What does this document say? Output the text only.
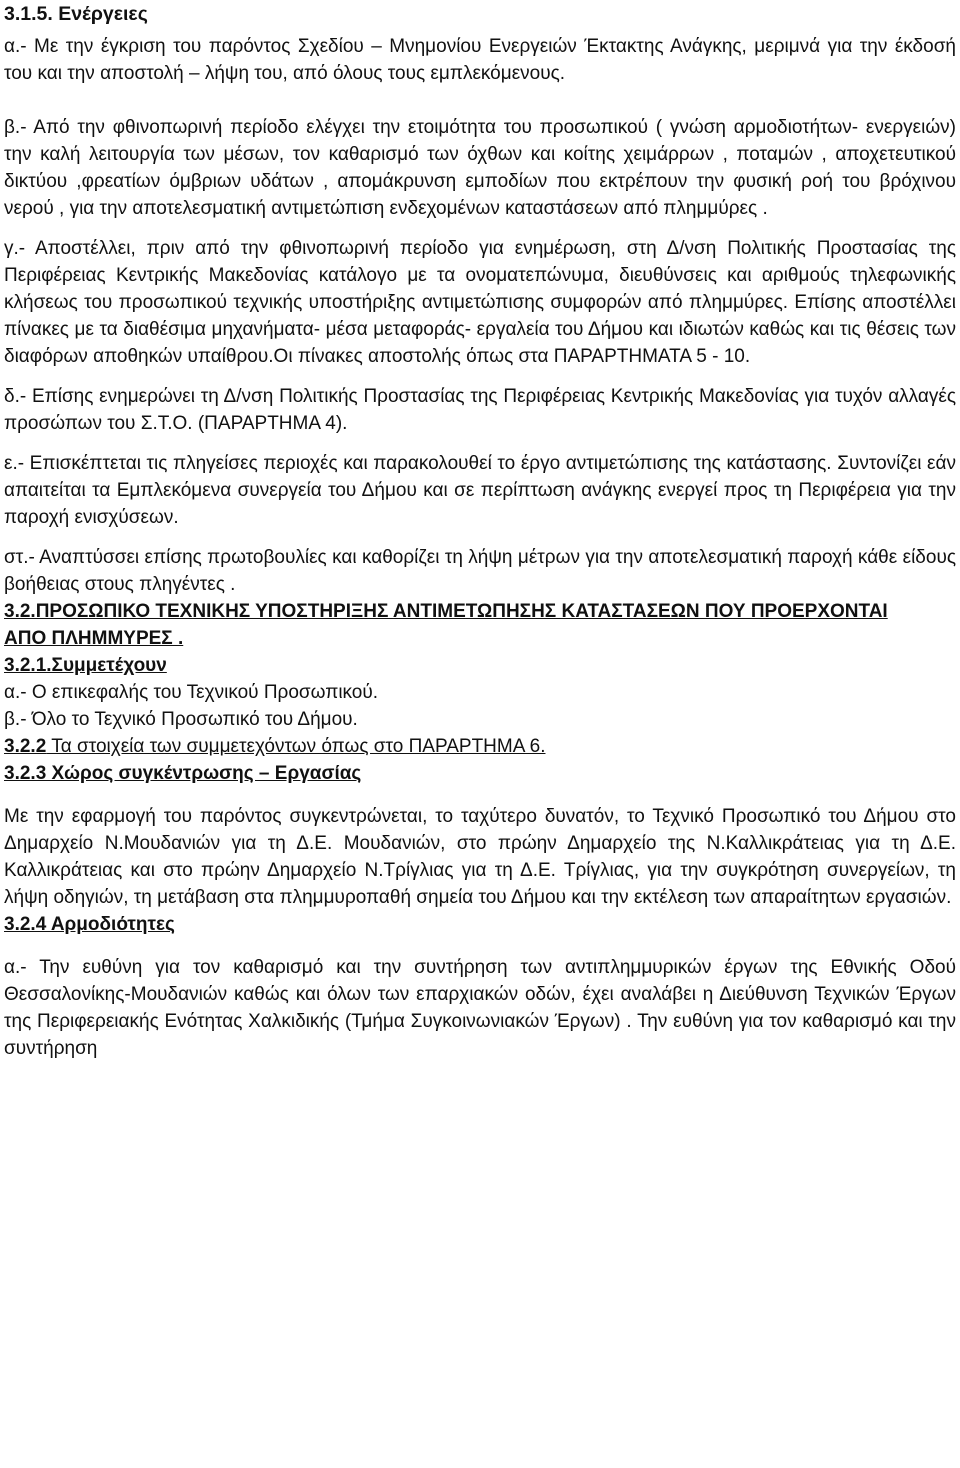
3.1.5. Ενέργειες

α.- Με την έγκριση του παρόντος Σχεδίου – Μνημονίου Ενεργειών Έκτακτης Ανάγκης, μεριμνά για την έκδοσή του και την αποστολή – λήψη του, από όλους τους εμπλεκόμενους.

β.- Από την φθινοπωρινή περίοδο ελέγχει την ετοιμότητα του προσωπικού ( γνώση αρμοδιοτήτων- ενεργειών) την καλή λειτουργία των μέσων, τον καθαρισμό των όχθων και κοίτης χειμάρρων , ποταμών , αποχετευτικού δικτύου ,φρεατίων όμβριων υδάτων , απομάκρυνση εμποδίων που εκτρέπουν την φυσική ροή του βρόχινου νερού , για την αποτελεσματική αντιμετώπιση ενδεχομένων καταστάσεων από πλημμύρες .

γ.- Αποστέλλει, πριν από την φθινοπωρινή περίοδο για ενημέρωση, στη Δ/νση Πολιτικής Προστασίας της Περιφέρειας Κεντρικής Μακεδονίας κατάλογο με τα ονοματεπώνυμα, διευθύνσεις και αριθμούς τηλεφωνικής κλήσεως του προσωπικού τεχνικής υποστήριξης αντιμετώπισης συμφορών από πλημμύρες. Επίσης αποστέλλει πίνακες με τα διαθέσιμα μηχανήματα- μέσα μεταφοράς- εργαλεία του Δήμου και ιδιωτών καθώς και τις θέσεις των διαφόρων αποθηκών υπαίθρου.Οι πίνακες αποστολής όπως στα ΠΑΡΑΡΤΗΜΑΤΑ 5 - 10.

δ.- Επίσης ενημερώνει τη Δ/νση Πολιτικής Προστασίας της Περιφέρειας Κεντρικής Μακεδονίας για τυχόν αλλαγές προσώπων του Σ.Τ.Ο. (ΠΑΡΑΡΤΗΜΑ 4).

ε.- Επισκέπτεται τις πληγείσες περιοχές και παρακολουθεί το έργο αντιμετώπισης της κατάστασης. Συντονίζει εάν απαιτείται τα Εμπλεκόμενα συνεργεία του Δήμου και σε περίπτωση ανάγκης ενεργεί προς τη Περιφέρεια για την παροχή ενισχύσεων.

στ.- Αναπτύσσει επίσης πρωτοβουλίες και καθορίζει τη λήψη μέτρων για την αποτελεσματική παροχή κάθε είδους βοήθειας στους πληγέντες .

3.2.ΠΡΟΣΩΠΙΚΟ ΤΕΧΝΙΚΗΣ ΥΠΟΣΤΗΡΙΞΗΣ ΑΝΤΙΜΕΤΩΠΗΣΗΣ ΚΑΤΑΣΤΑΣΕΩΝ ΠΟΥ ΠΡΟΕΡΧΟΝΤΑΙ ΑΠΟ ΠΛΗΜΜΥΡΕΣ .

3.2.1.Συμμετέχουν

α.- Ο επικεφαλής του Τεχνικού Προσωπικού.

β.- Όλο το Τεχνικό Προσωπικό του Δήμου.

3.2.2 Τα στοιχεία των συμμετεχόντων όπως στο ΠΑΡΑΡΤΗΜΑ 6.

3.2.3 Χώρος συγκέντρωσης – Εργασίας

Με την εφαρμογή του παρόντος συγκεντρώνεται, το ταχύτερο δυνατόν, το Τεχνικό Προσωπικό του Δήμου στο Δημαρχείο Ν.Μουδανιών για τη Δ.Ε. Μουδανιών, στο πρώην Δημαρχείο της Ν.Καλλικράτειας για τη Δ.Ε. Καλλικράτειας και στο πρώην Δημαρχείο Ν.Τρίγλιας για τη Δ.Ε. Τρίγλιας, για την συγκρότηση συνεργείων, τη λήψη οδηγιών, τη μετάβαση στα πλημμυροπαθή σημεία του Δήμου και την εκτέλεση των απαραίτητων εργασιών.

3.2.4 Αρμοδιότητες

α.- Την ευθύνη για τον καθαρισμό και την συντήρηση των αντιπλημμυρικών έργων της Εθνικής Οδού Θεσσαλονίκης-Μουδανιών καθώς και όλων των επαρχιακών οδών, έχει αναλάβει η Διεύθυνση Τεχνικών Έργων της Περιφερειακής Ενότητας Χαλκιδικής (Τμήμα Συγκοινωνιακών Έργων) . Την ευθύνη για τον καθαρισμό και την συντήρηση
